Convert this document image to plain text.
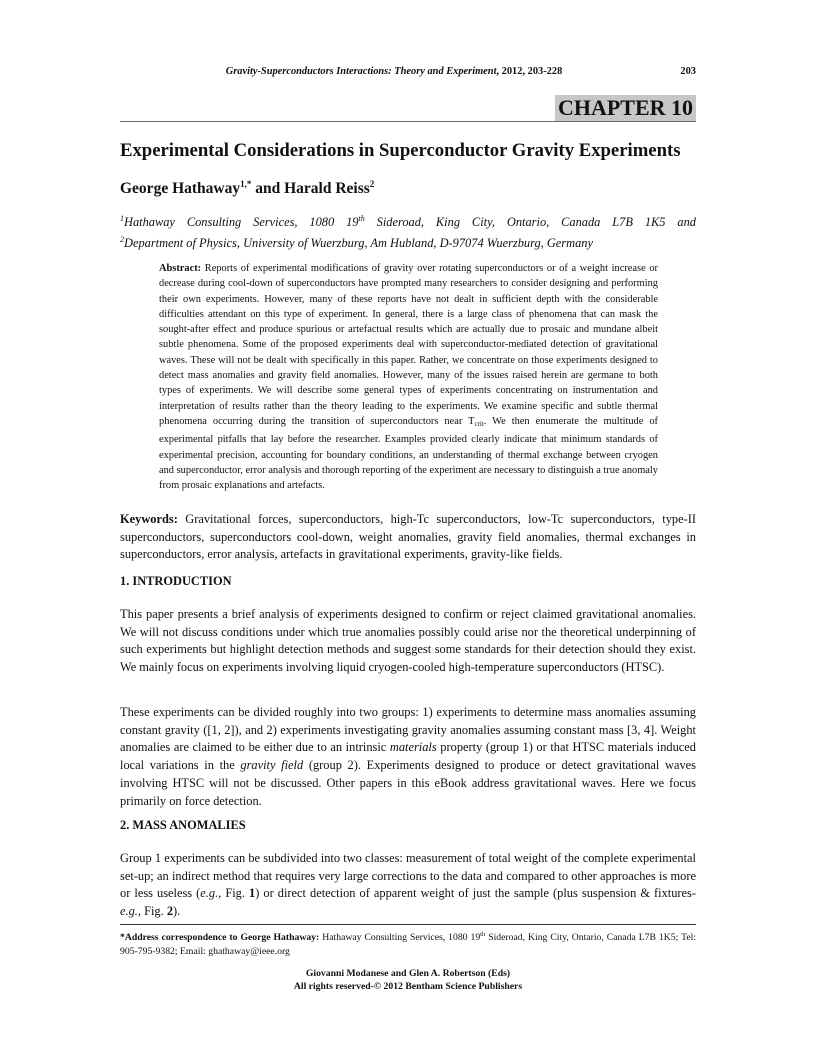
Gravity-Superconductors Interactions: Theory and Experiment, 2012, 203-228	203
CHAPTER 10
Experimental Considerations in Superconductor Gravity Experiments
George Hathaway$^{1,*}$ and Harald Reiss$^2$
$^1$Hathaway Consulting Services, 1080 19th Sideroad, King City, Ontario, Canada L7B 1K5 and
$^2$Department of Physics, University of Wuerzburg, Am Hubland, D-97074 Wuerzburg, Germany
Abstract: Reports of experimental modifications of gravity over rotating superconductors or of a weight increase or decrease during cool-down of superconductors have prompted many researchers to consider designing and performing their own experiments. However, many of these reports have not dealt in sufficient depth with the considerable difficulties attendant on this type of experiment. In general, there is a large class of phenomena that can mask the sought-after effect and produce spurious or artefactual results which are actually due to prosaic and mundane albeit subtle phenomena. Some of the proposed experiments deal with superconductor-mediated detection of gravitational waves. These will not be dealt with specifically in this paper. Rather, we concentrate on those experiments designed to detect mass anomalies and gravity field anomalies. However, many of the issues raised herein are germane to both types of experiments. We will describe some general types of experiments concentrating on instrumentation and interpretation of results rather than the theory leading to the experiments. We examine specific and subtle thermal phenomena occurring during the transition of superconductors near $T_{crit}$. We then enumerate the multitude of experimental pitfalls that lay before the researcher. Examples provided clearly indicate that minimum standards of experimental precision, accounting for boundary conditions, an understanding of thermal exchange between cryogen and superconductor, error analysis and thorough reporting of the experiment are necessary to distinguish a true anomaly from prosaic explanations and artefacts.
Keywords: Gravitational forces, superconductors, high-Tc superconductors, low-Tc superconductors, type-II superconductors, superconductors cool-down, weight anomalies, gravity field anomalies, thermal exchanges in superconductors, error analysis, artefacts in gravitational experiments, gravity-like fields.
1. INTRODUCTION
This paper presents a brief analysis of experiments designed to confirm or reject claimed gravitational anomalies. We will not discuss conditions under which true anomalies possibly could arise nor the theoretical underpinning of such experiments but highlight detection methods and suggest some standards for their detection should they exist. We mainly focus on experiments involving liquid cryogen-cooled high-temperature superconductors (HTSC).
These experiments can be divided roughly into two groups: 1) experiments to determine mass anomalies assuming constant gravity ([1, 2]), and 2) experiments investigating gravity anomalies assuming constant mass [3, 4]. Weight anomalies are claimed to be either due to an intrinsic materials property (group 1) or that HTSC materials induced local variations in the gravity field (group 2). Experiments designed to produce or detect gravitational waves involving HTSC will not be discussed. Other papers in this eBook address gravitational waves. Here we focus primarily on force detection.
2. MASS ANOMALIES
Group 1 experiments can be subdivided into two classes: measurement of total weight of the complete experimental set-up; an indirect method that requires very large corrections to the data and compared to other approaches is more or less useless (e.g., Fig. 1) or direct detection of apparent weight of just the sample (plus suspension & fixtures-e.g., Fig. 2).
*Address correspondence to George Hathaway: Hathaway Consulting Services, 1080 19th Sideroad, King City, Ontario, Canada L7B 1K5; Tel: 905-795-9382; Email: ghathaway@ieee.org
Giovanni Modanese and Glen A. Robertson (Eds)
All rights reserved-© 2012 Bentham Science Publishers
